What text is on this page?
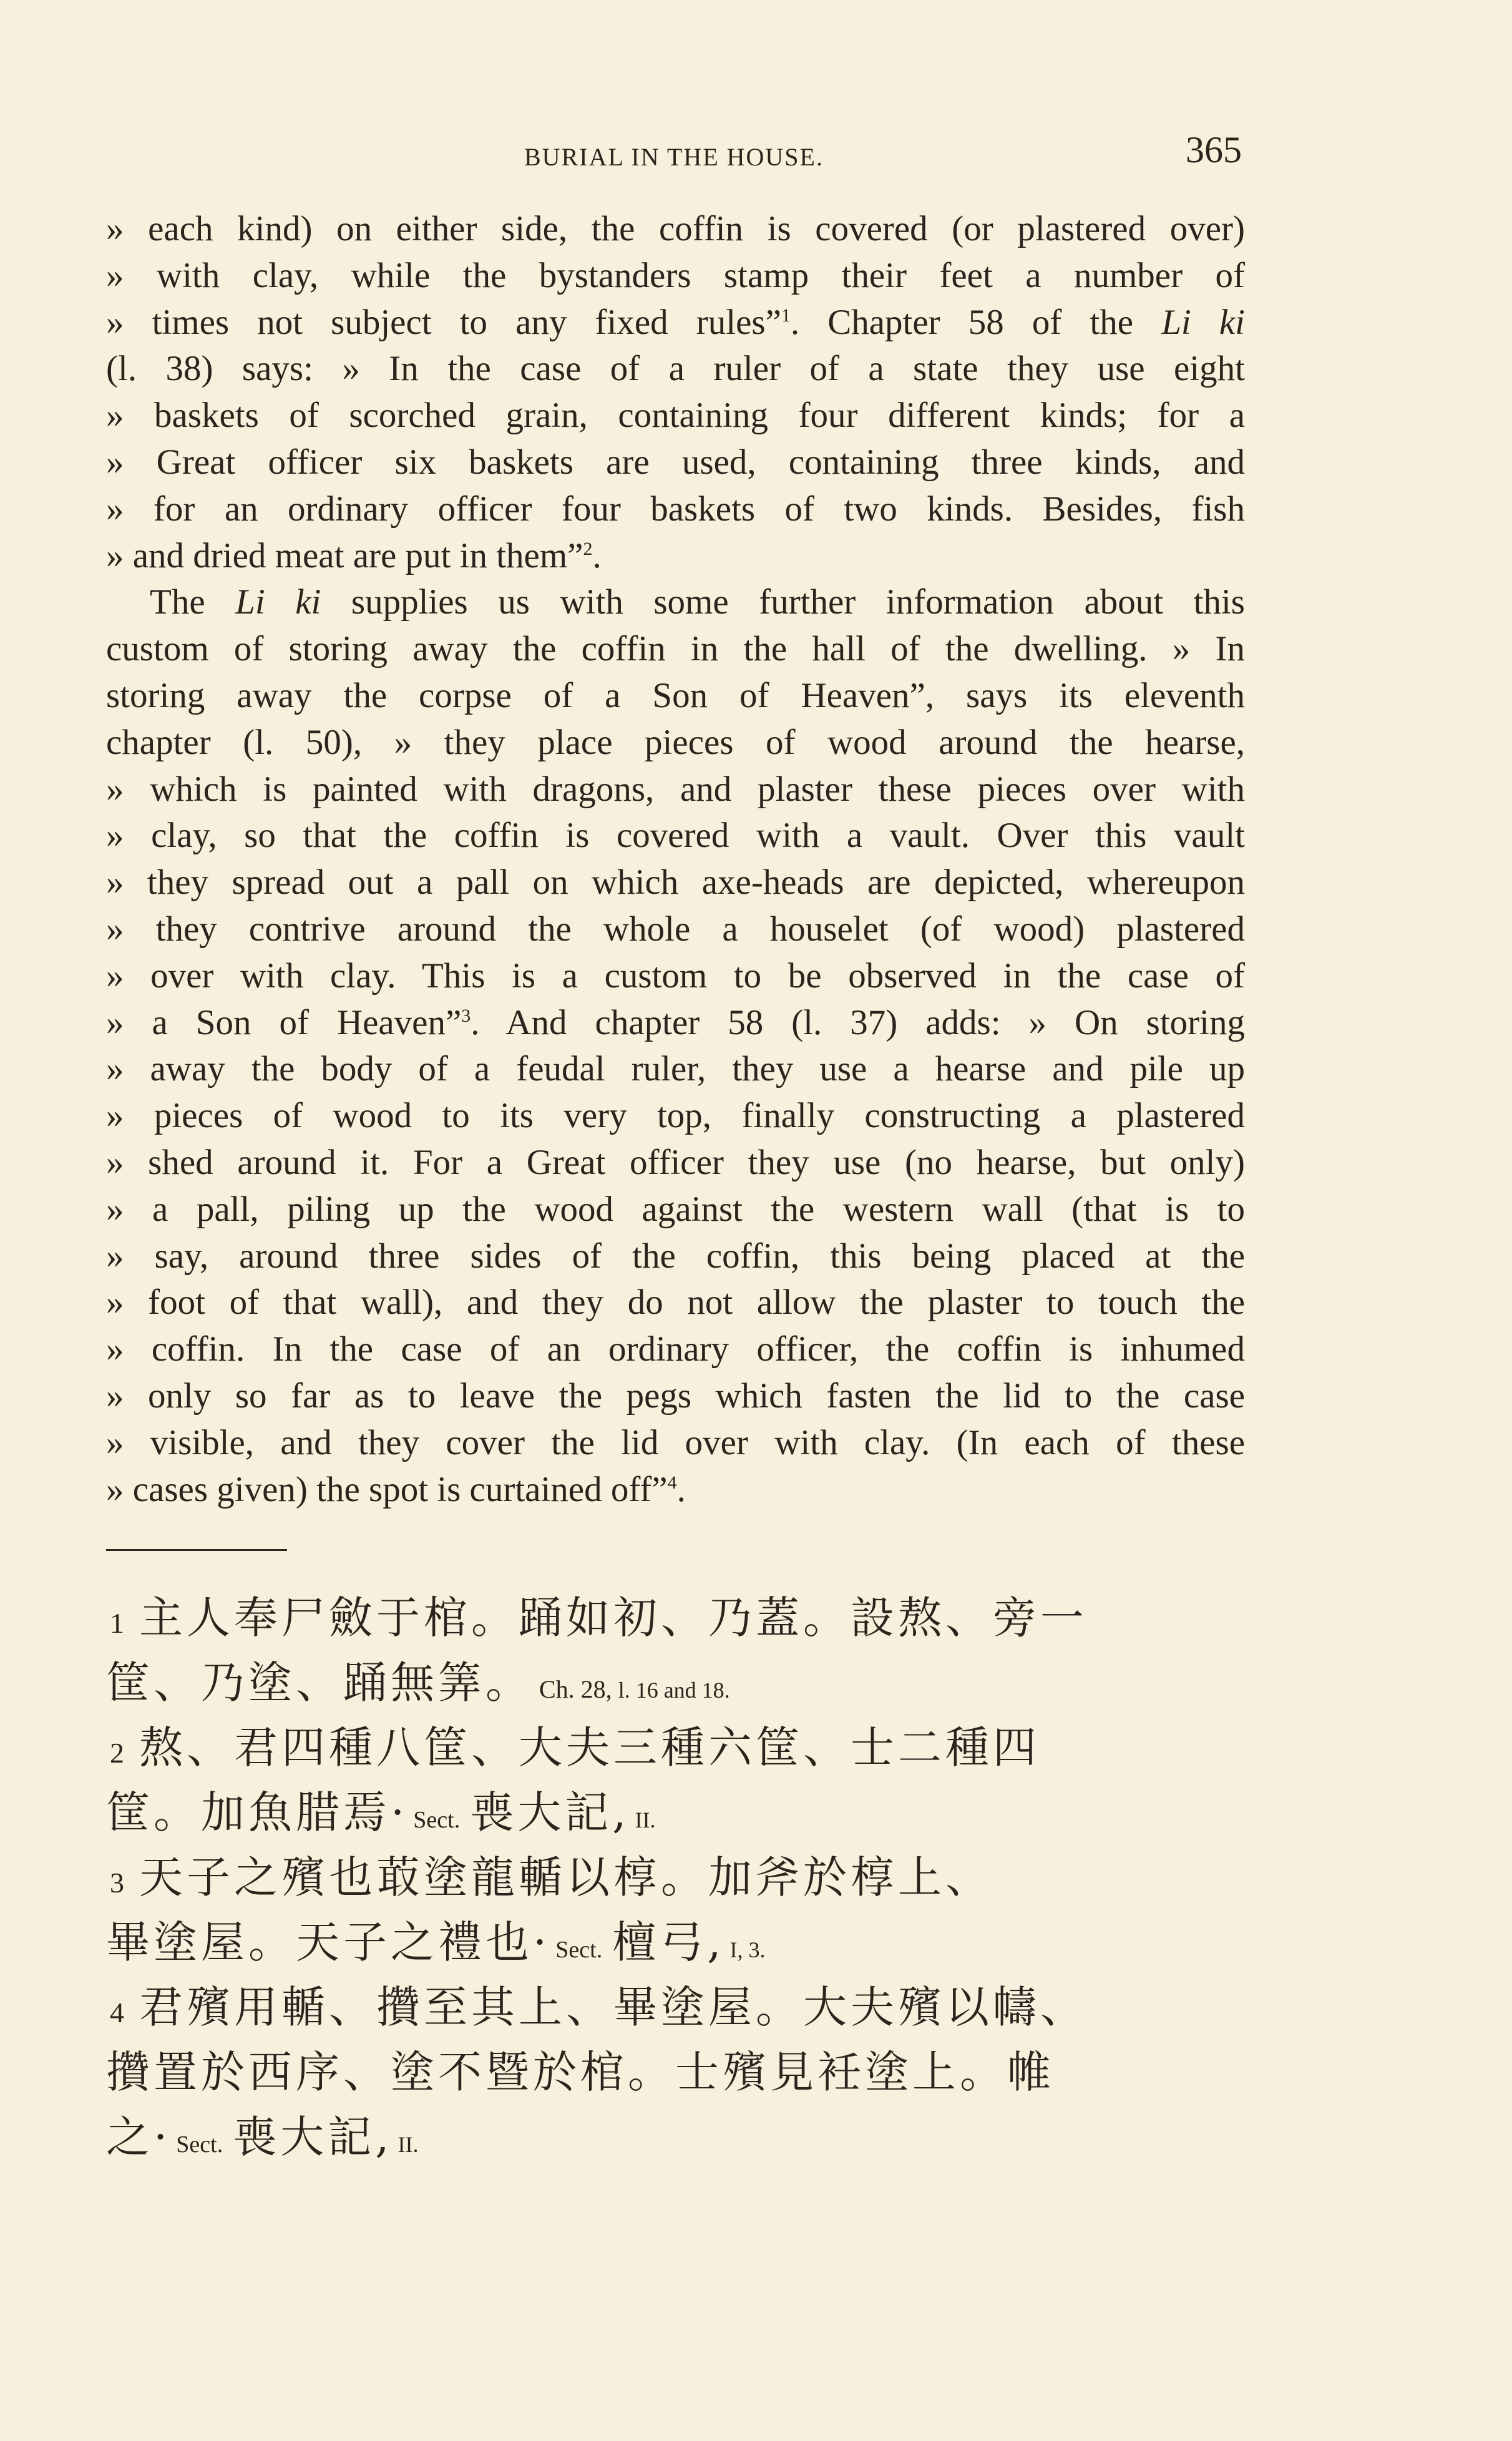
BURIAL IN THE HOUSE.	365
» each kind) on either side, the coffin is covered (or plastered over)
» with clay, while the bystanders stamp their feet a number of
» times not subject to any fixed rules”$^1$. Chapter 58 of the Li ki
(l. 38) says: » In the case of a ruler of a state they use eight
» baskets of scorched grain, containing four different kinds; for a
» Great officer six baskets are used, containing three kinds, and
» for an ordinary officer four baskets of two kinds. Besides, fish
» and dried meat are put in them”$^2$.
The Li ki supplies us with some further information about this
custom of storing away the coffin in the hall of the dwelling. » In
storing away the corpse of a Son of Heaven”, says its eleventh
chapter (l. 50), » they place pieces of wood around the hearse,
» which is painted with dragons, and plaster these pieces over with
» clay, so that the coffin is covered with a vault. Over this vault
» they spread out a pall on which axe-heads are depicted, whereupon
» they contrive around the whole a houselet (of wood) plastered
» over with clay. This is a custom to be observed in the case of
» a Son of Heaven”$^3$. And chapter 58 (l. 37) adds: » On storing
» away the body of a feudal ruler, they use a hearse and pile up
» pieces of wood to its very top, finally constructing a plastered
» shed around it. For a Great officer they use (no hearse, but only)
» a pall, piling up the wood against the western wall (that is to
» say, around three sides of the coffin, this being placed at the
» foot of that wall), and they do not allow the plaster to touch the
» coffin. In the case of an ordinary officer, the coffin is inhumed
» only so far as to leave the pegs which fasten the lid to the case
» visible, and they cover the lid over with clay. (In each of these
» cases given) the spot is curtained off”$^4$.
1 主人奉尸斂于棺。踊如初、乃蓋。設熬、旁一
筐、乃塗、踊無筭。 Ch. 28, l. 16 and 18.
2 熬、君四種八筐、大夫三種六筐、士二種四
筐。加魚腊焉· Sect. 喪大記, II.
3 天子之殯也菆塗龍輴以椁。加斧於椁上、
畢塗屋。天子之禮也· Sect. 檀弓, I, 3.
4 君殯用輴、攢至其上、畢塗屋。大夫殯以幬、
攢置於西序、塗不暨於棺。士殯見衽塗上。帷
之· Sect. 喪大記, II.
